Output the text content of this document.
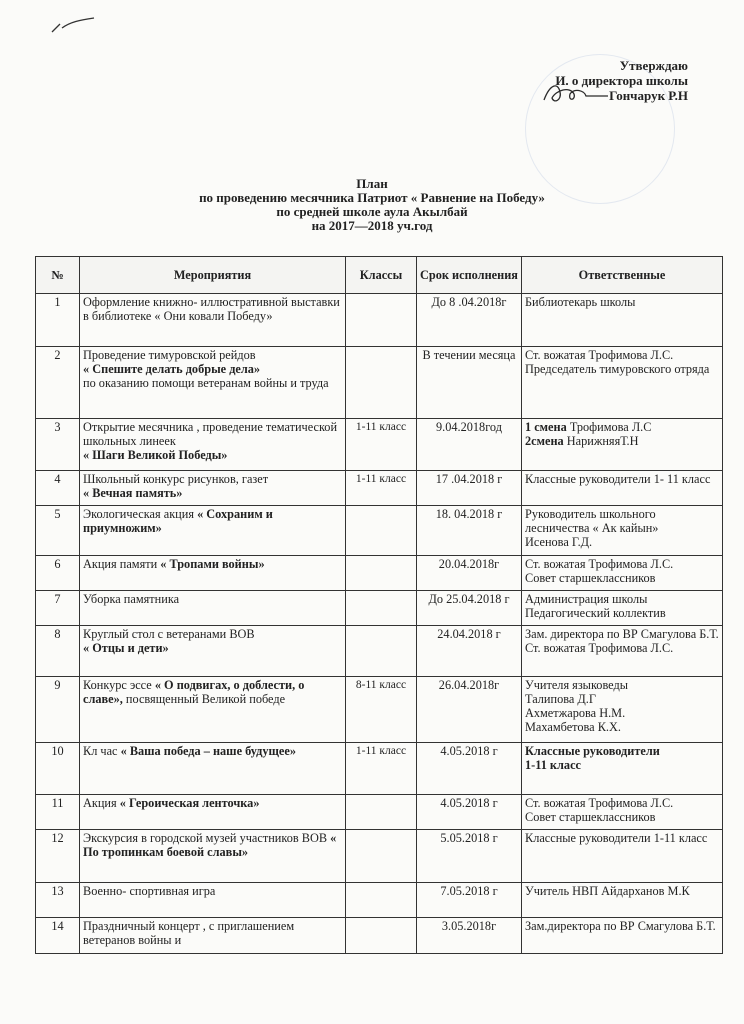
Утверждаю
И. о директора школы
Гончарук Р.Н
План
по проведению месячника Патриот « Равнение на Победу»
по средней школе аула Акылбай
на 2017—2018 уч.год
№	Мероприятия	Классы	Срок исполнения	Ответственные
1	Оформление книжно- иллюстративной выставки в библиотеке « Они ковали Победу»		До 8 .04.2018г	Библиотекарь школы
2	Проведение тимуровской рейдов
« Спешите делать добрые дела»
по оказанию помощи ветеранам войны и труда		В течении месяца	Ст. вожатая Трофимова Л.С.
Председатель тимуровского отряда

3	Открытие месячника , проведение тематической школьных линеек
« Шаги Великой Победы»	1-11 класс	9.04.2018год	1 смена Трофимова Л.С
2смена НарижняяТ.Н

4	Школьный конкурс рисунков, газет
« Вечная память»	1-11 класс	17 .04.2018 г	Классные руководители 1- 11 класс
5	Экологическая акция « Сохраним и приумножим»		18. 04.2018 г	Руководитель школьного лесничества « Ак кайын»
Исенова Г.Д.

6	Акция памяти « Тропами войны»		20.04.2018г	Ст. вожатая Трофимова Л.С.
Совет старшеклассников

7	Уборка памятника		До 25.04.2018 г	Администрация школы
Педагогический коллектив

8	Круглый стол с ветеранами ВОВ
« Отцы и дети»		24.04.2018 г	Зам. директора по ВР Смагулова Б.Т.
Ст. вожатая Трофимова Л.С.

9	Конкурс эссе « О подвигах, о доблести, о славе», посвященный Великой победе	8-11 класс	26.04.2018г	Учителя языковеды
Талипова Д.Г
Ахметжарова Н.М.
Махамбетова К.Х.

10	Кл час « Ваша победа – наше будущее»	1-11 класс	4.05.2018 г	Классные руководители
1-11 класс

11	Акция « Героическая ленточка»		4.05.2018 г	Ст. вожатая Трофимова Л.С.
Совет старшеклассников

12	Экскурсия в городской музей участников ВОВ « По тропинкам боевой славы»		5.05.2018 г	Классные руководители 1-11 класс
13	Военно- спортивная игра		7.05.2018 г	Учитель НВП Айдарханов М.К
14	Праздничный концерт , с приглашением ветеранов войны и		3.05.2018г	Зам.директора по ВР Смагулова Б.Т.
